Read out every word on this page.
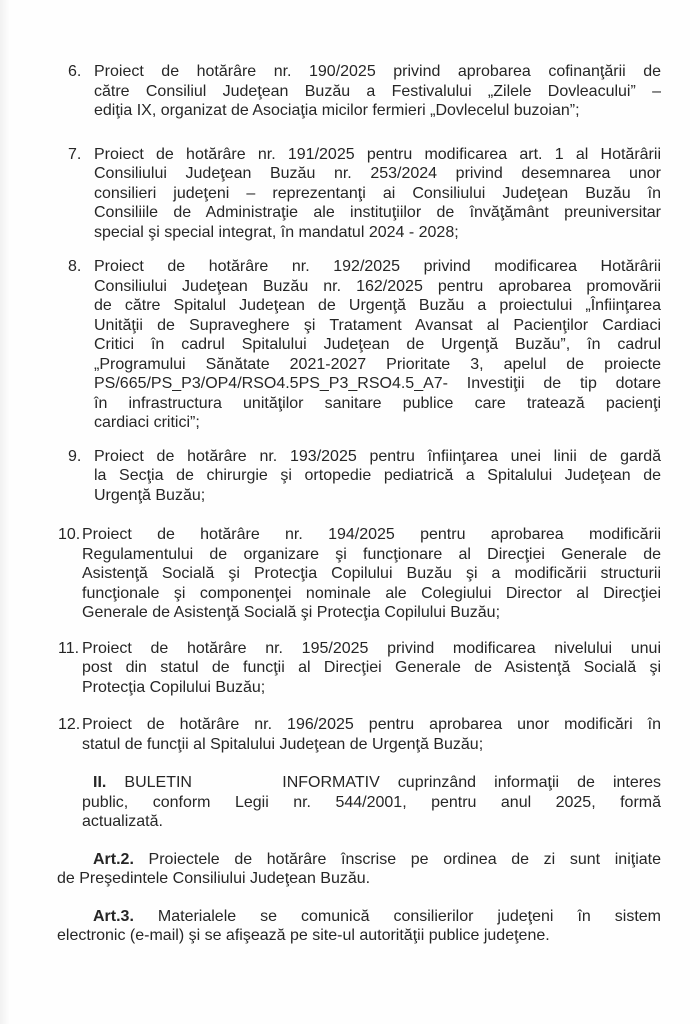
6. Proiect de hotărâre nr. 190/2025 privind aprobarea cofinanţării de
către Consiliul Judeţean Buzău a Festivalului „Zilele Dovleacului” –
ediţia IX, organizat de Asociaţia micilor fermieri „Dovlecelul buzoian”;
7. Proiect de hotărâre nr. 191/2025 pentru modificarea art. 1 al Hotărârii
Consiliului Judeţean Buzău nr. 253/2024 privind desemnarea unor
consilieri judeţeni – reprezentanţi ai Consiliului Judeţean Buzău în
Consiliile de Administraţie ale instituţiilor de învăţământ preuniversitar
special şi special integrat, în mandatul 2024 - 2028;
8. Proiect de hotărâre nr. 192/2025 privind modificarea Hotărârii
Consiliului Judeţean Buzău nr. 162/2025 pentru aprobarea promovării
de către Spitalul Judeţean de Urgenţă Buzău a proiectului „Înfiinţarea
Unităţii de Supraveghere şi Tratament Avansat al Pacienţilor Cardiaci
Critici în cadrul Spitalului Judeţean de Urgenţă Buzău”, în cadrul
„Programului Sănătate 2021-2027 Prioritate 3, apelul de proiecte
PS/665/PS_P3/OP4/RSO4.5PS_P3_RSO4.5_A7- Investiţii de tip dotare
în infrastructura unităţilor sanitare publice care tratează pacienţi
cardiaci critici”;
9. Proiect de hotărâre nr. 193/2025 pentru înfiinţarea unei linii de gardă
la Secţia de chirurgie şi ortopedie pediatrică a Spitalului Judeţean de
Urgenţă Buzău;
10. Proiect de hotărâre nr. 194/2025 pentru aprobarea modificării
Regulamentului de organizare şi funcţionare al Direcţiei Generale de
Asistenţă Socială şi Protecţia Copilului Buzău şi a modificării structurii
funcţionale şi componenţei nominale ale Colegiului Director al Direcţiei
Generale de Asistenţă Socială şi Protecţia Copilului Buzău;
11. Proiect de hotărâre nr. 195/2025 privind modificarea nivelului unui
post din statul de funcţii al Direcţiei Generale de Asistenţă Socială şi
Protecţia Copilului Buzău;
12. Proiect de hotărâre nr. 196/2025 pentru aprobarea unor modificări în
statul de funcţii al Spitalului Judeţean de Urgenţă Buzău;
II. BULETIN     INFORMATIV cuprinzând informaţii de interes
public, conform Legii nr. 544/2001, pentru anul 2025, formă
actualizată.
Art.2. Proiectele de hotărâre înscrise pe ordinea de zi sunt iniţiate
de Preşedintele Consiliului Judeţean Buzău.
Art.3. Materialele se comunică consilierilor judeţeni în sistem
electronic (e-mail) şi se afişează pe site-ul autorităţii publice judeţene.
